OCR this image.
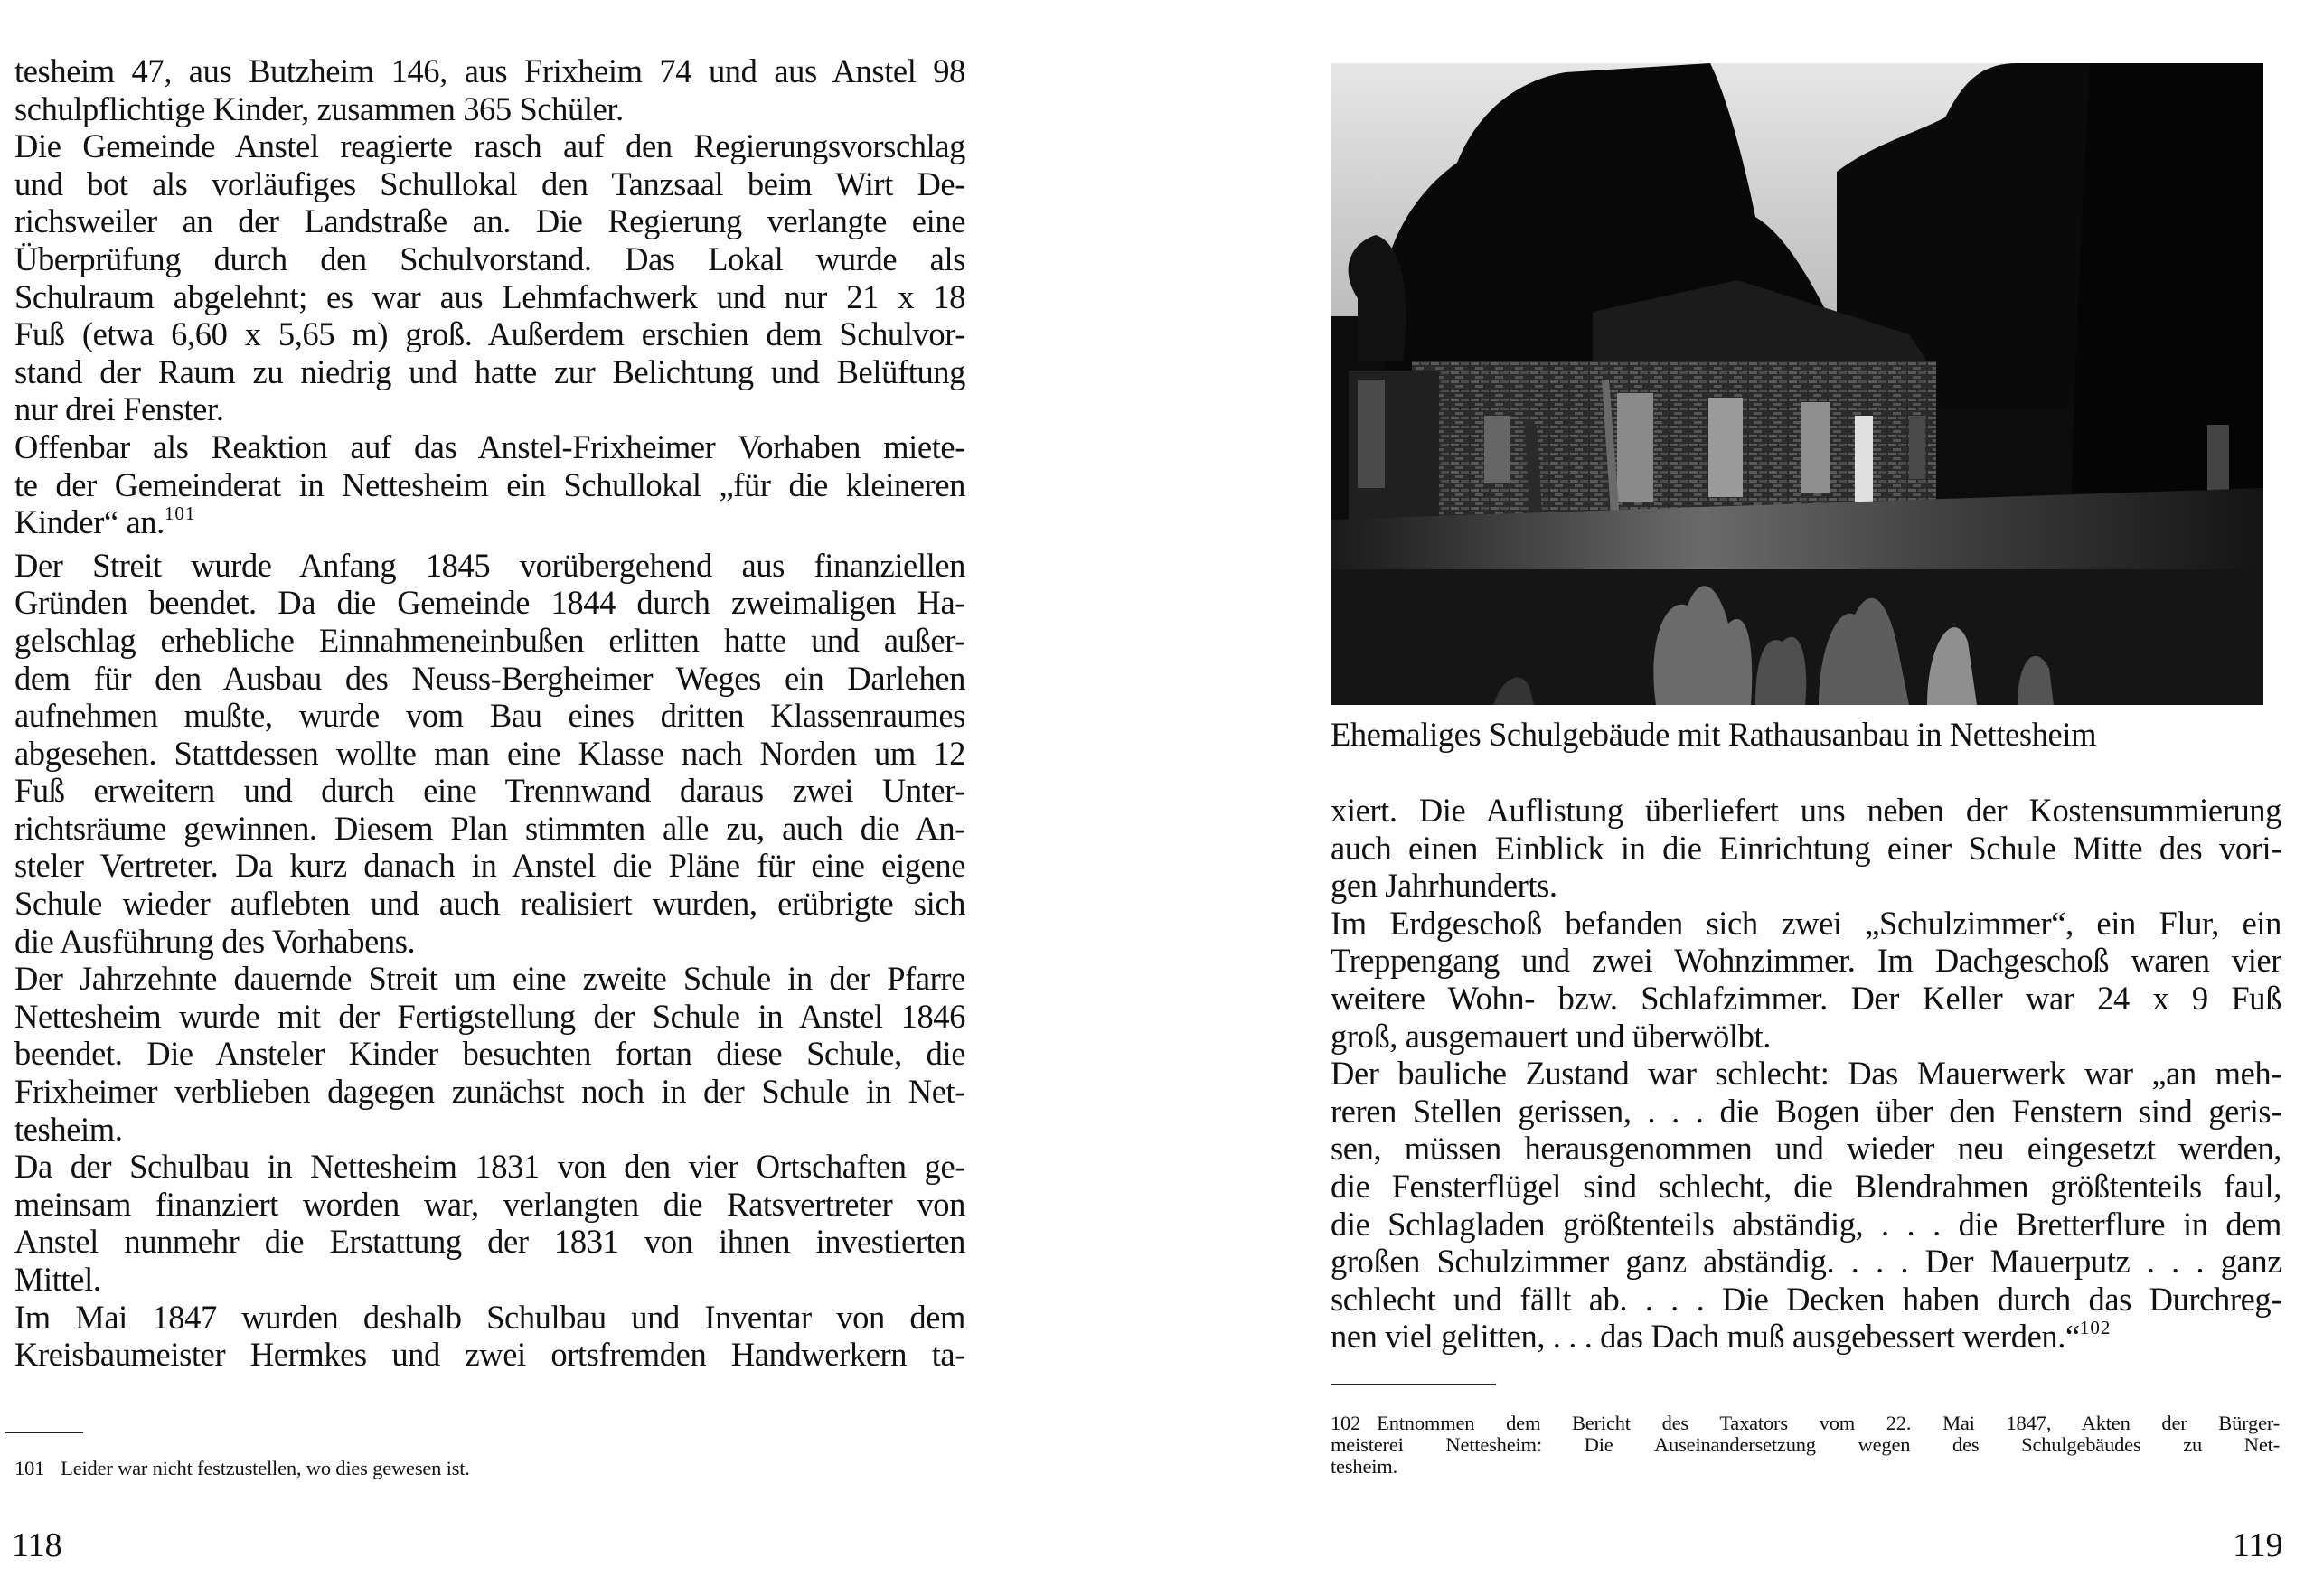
tesheim 47, aus Butzheim 146, aus Frixheim 74 und aus Anstel 98
schulpflichtige Kinder, zusammen 365 Schüler.
Die Gemeinde Anstel reagierte rasch auf den Regierungsvorschlag
und bot als vorläufiges Schullokal den Tanzsaal beim Wirt De-
richsweiler an der Landstraße an. Die Regierung verlangte eine
Überprüfung durch den Schulvorstand. Das Lokal wurde als
Schulraum abgelehnt; es war aus Lehmfachwerk und nur 21 x 18
Fuß (etwa 6,60 x 5,65 m) groß. Außerdem erschien dem Schulvor-
stand der Raum zu niedrig und hatte zur Belichtung und Belüftung
nur drei Fenster.
Offenbar als Reaktion auf das Anstel-Frixheimer Vorhaben miete-
te der Gemeinderat in Nettesheim ein Schullokal „für die kleineren
Kinder“ an.$^{101}$
Der Streit wurde Anfang 1845 vorübergehend aus finanziellen
Gründen beendet. Da die Gemeinde 1844 durch zweimaligen Ha-
gelschlag erhebliche Einnahmeneinbußen erlitten hatte und außer-
dem für den Ausbau des Neuss-Bergheimer Weges ein Darlehen
aufnehmen mußte, wurde vom Bau eines dritten Klassenraumes
abgesehen. Stattdessen wollte man eine Klasse nach Norden um 12
Fuß erweitern und durch eine Trennwand daraus zwei Unter-
richtsräume gewinnen. Diesem Plan stimmten alle zu, auch die An-
steler Vertreter. Da kurz danach in Anstel die Pläne für eine eigene
Schule wieder auflebten und auch realisiert wurden, erübrigte sich
die Ausführung des Vorhabens.
Der Jahrzehnte dauernde Streit um eine zweite Schule in der Pfarre
Nettesheim wurde mit der Fertigstellung der Schule in Anstel 1846
beendet. Die Ansteler Kinder besuchten fortan diese Schule, die
Frixheimer verblieben dagegen zunächst noch in der Schule in Net-
tesheim.
Da der Schulbau in Nettesheim 1831 von den vier Ortschaften ge-
meinsam finanziert worden war, verlangten die Ratsvertreter von
Anstel nunmehr die Erstattung der 1831 von ihnen investierten
Mittel.
Im Mai 1847 wurden deshalb Schulbau und Inventar von dem
Kreisbaumeister Hermkes und zwei ortsfremden Handwerkern ta-
101 Leider war nicht festzustellen, wo dies gewesen ist.
118
Ehemaliges Schulgebäude mit Rathausanbau in Nettesheim
xiert. Die Auflistung überliefert uns neben der Kostensummierung
auch einen Einblick in die Einrichtung einer Schule Mitte des vori-
gen Jahrhunderts.
Im Erdgeschoß befanden sich zwei „Schulzimmer“, ein Flur, ein
Treppengang und zwei Wohnzimmer. Im Dachgeschoß waren vier
weitere Wohn- bzw. Schlafzimmer. Der Keller war 24 x 9 Fuß
groß, ausgemauert und überwölbt.
Der bauliche Zustand war schlecht: Das Mauerwerk war „an meh-
reren Stellen gerissen, . . . die Bogen über den Fenstern sind geris-
sen, müssen herausgenommen und wieder neu eingesetzt werden,
die Fensterflügel sind schlecht, die Blendrahmen größtenteils faul,
die Schlagladen größtenteils abständig, . . . die Bretterflure in dem
großen Schulzimmer ganz abständig. . . . Der Mauerputz . . . ganz
schlecht und fällt ab. . . . Die Decken haben durch das Durchreg-
nen viel gelitten, . . . das Dach muß ausgebessert werden.“$^{102}$
102 Entnommen dem Bericht des Taxators vom 22. Mai 1847, Akten der Bürger-
meisterei Nettesheim: Die Auseinandersetzung wegen des Schulgebäudes zu Net-
tesheim.
119
